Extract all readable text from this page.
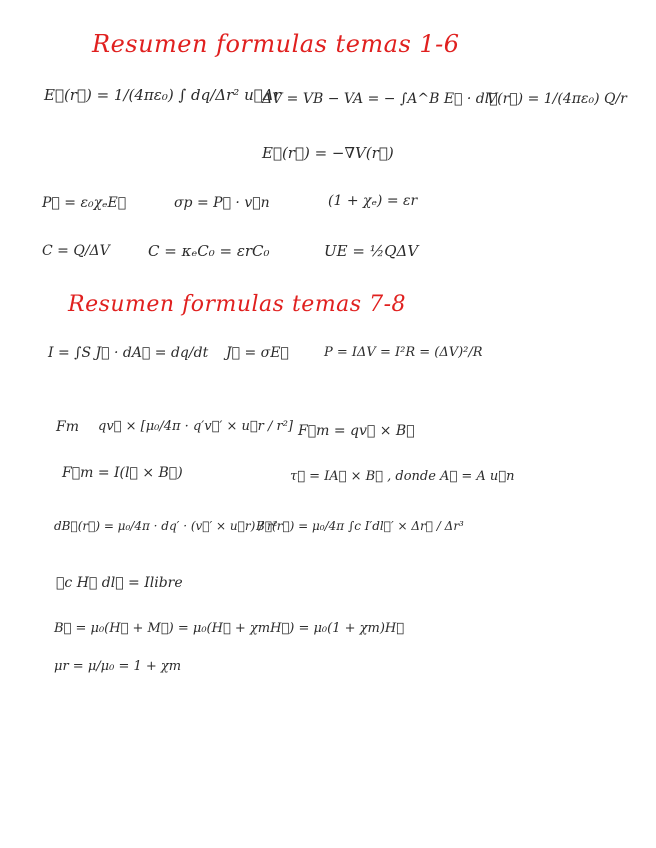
Resumen formulas temas 1-6
E⃗(r⃗) = 1/(4πε₀) ∫ dq/Δr² u⃗Δr
ΔV = VB − VA = − ∫A^B E⃗ · dl⃗
V(r⃗) = 1/(4πε₀) Q/r
E⃗(r⃗) = −∇V(r⃗)
P⃗ = ε₀χₑE⃗	σp = P⃗ · v⃗n	(1 + χₑ) = εr
C = Q/ΔV	C = κₑC₀ = εrC₀	UE = ½QΔV
Resumen formulas temas 7-8
I = ∫S J⃗ · dA⃗ = dq/dt J⃗ = σE⃗	P = IΔV = I²R = (ΔV)²/R
Fm qv⃗ × [μ₀/4π · q′v⃗′ × u⃗r / r²] F⃗m = qv⃗ × B⃗
F⃗m = I(l⃗ × B⃗)	τ⃗ = IA⃗ × B⃗ , donde A⃗ = A u⃗n
dB⃗(r⃗) = μ₀/4π · dq′ · (v⃗′ × u⃗r) / r²
B⃗(r⃗) = μ₀/4π ∫c I′dl⃗′ × Δr⃗ / Δr³
∮c H⃗ dl⃗ = Ilibre
B⃗ = μ₀(H⃗ + M⃗) = μ₀(H⃗ + χmH⃗) = μ₀(1 + χm)H⃗
μr = μ/μ₀ = 1 + χm
